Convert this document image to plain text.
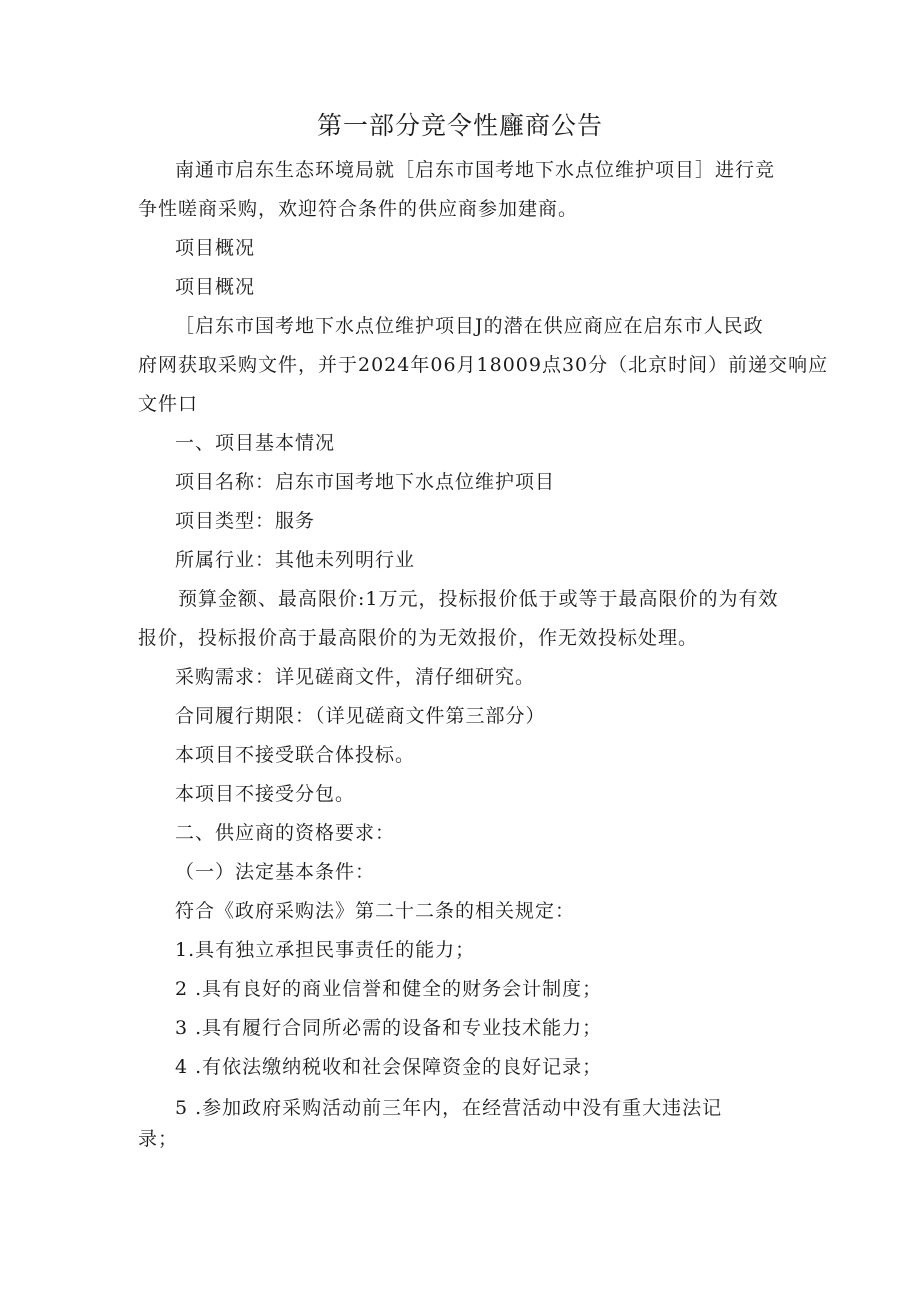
第一部分竞令性廱商公告
南通市启东生态环境局就［启东市国考地下水点位维护项目］进行竞
争性嗟商采购，欢迎符合条件的供应商参加建商。
项目概况
项目概况
［启东市国考地下水点位维护项目J的潜在供应商应在启东市人民政
府网获取采购文件，并于2024年06月18009点30分（北京时间）前递交响应
文件口
一、项目基本情况
项目名称：启东市国考地下水点位维护项目
项目类型：服务
所属行业：其他未列明行业
预算金额、最高限价:1万元，投标报价低于或等于最高限价的为有效
报价，投标报价高于最高限价的为无效报价，作无效投标处理。
采购需求：详见磋商文件，清仔细研究。
合同履行期限：（详见磋商文件第三部分）
本项目不接受联合体投标。
本项目不接受分包。
二、供应商的资格要求：
（一）法定基本条件：
符合《政府采购法》第二十二条的相关规定：
1.具有独立承担民事责任的能力；
2 .具有良好的商业信誉和健全的财务会计制度；
3 .具有履行合同所必需的设备和专业技术能力；
4 .有依法缴纳税收和社会保障资金的良好记录；
5 .参加政府采购活动前三年内，在经营活动中没有重大违法记
录；
